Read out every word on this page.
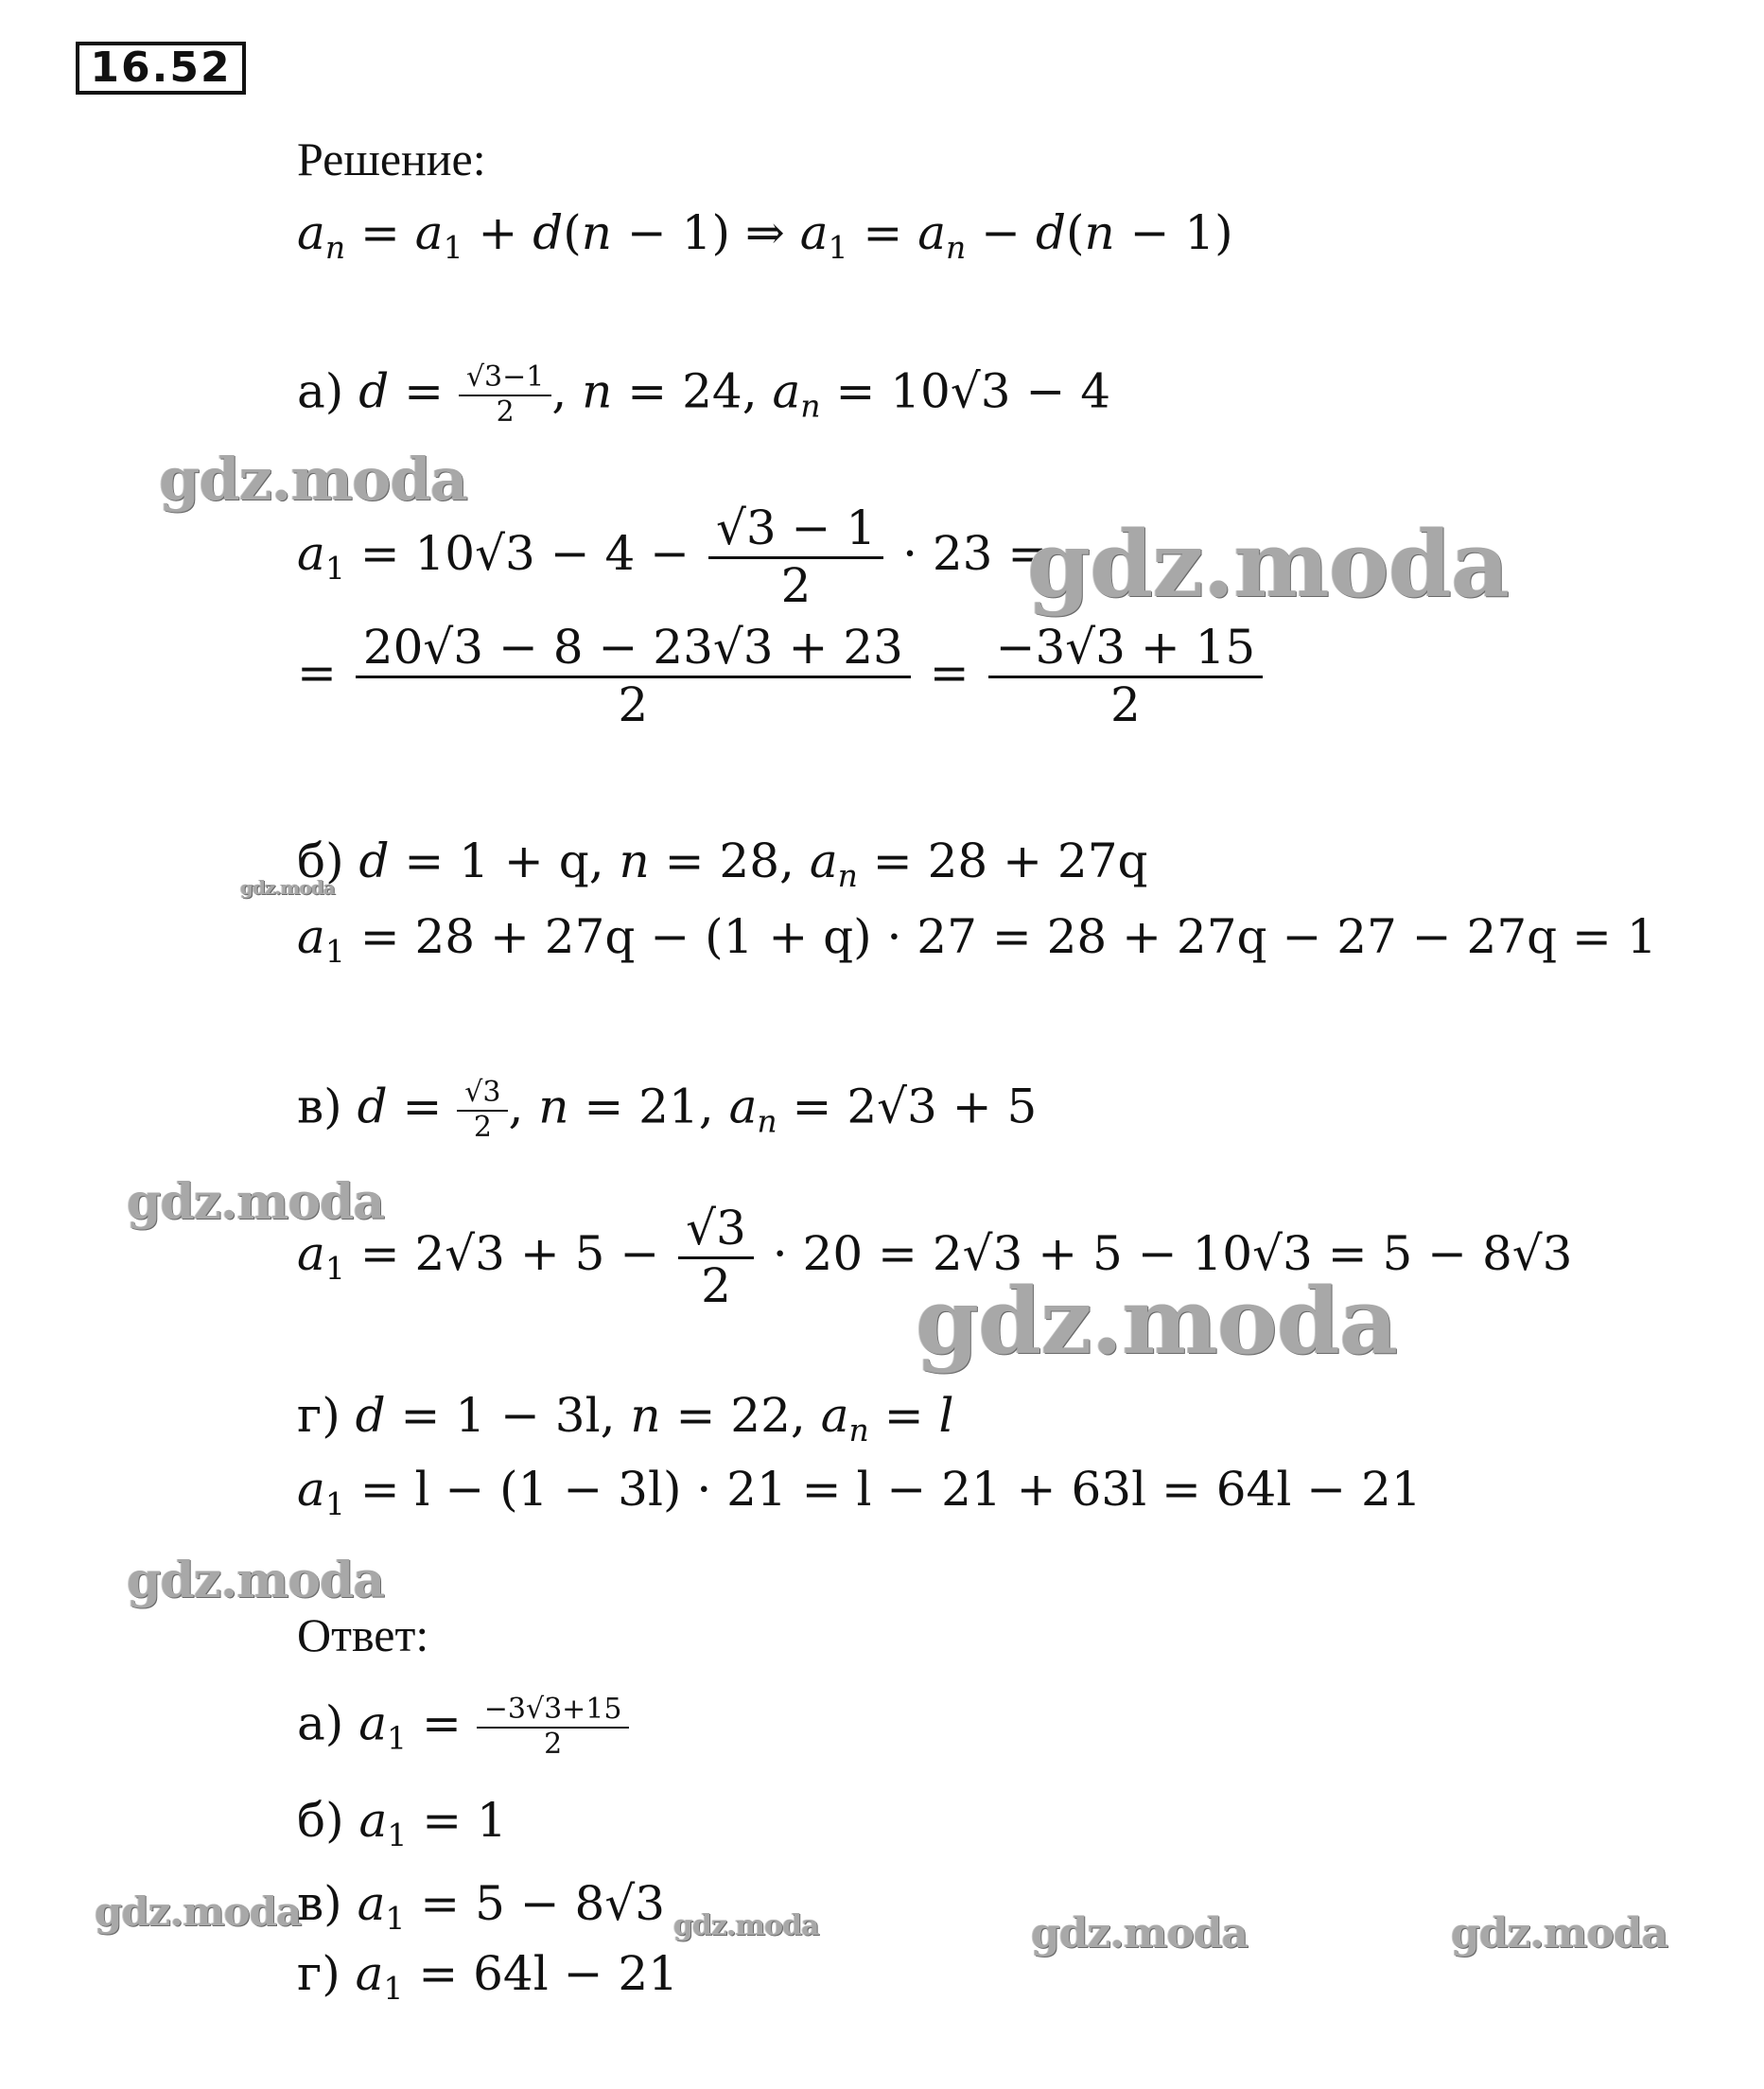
16.52
Решение:
$a_n = a_1 + d(n - 1)$ ⇒ $a_1 = a_n - d(n - 1)$
а) $d = \frac{√3-1}{2}$ , n = 24, $a_n = 10√3 - 4$
$a_1 = 10√3 - 4 - \frac{√3 - 1}{2} \cdot 23$ =
= $\frac{20√3 - 8 - 23√3 + 23}{2} = \frac{-3√3 + 15}{2}$
б) d = 1 + q, n = 28, $a_n = 28 + 27q$
$a_1 = 28 + 27q - (1 + q) \cdot 27 = 28 + 27q - 27 - 27q = 1$
в) $d = \frac{√3}{2}$ , n = 21, $a_n = 2√3 + 5$
$a_1 = 2√3 + 5 - \frac{√3}{2} \cdot 20 = 2√3 + 5 - 10√3 = 5 - 8√3$
г) d = 1 − 3l, n = 22, $a_n = l$
$a_1 = l - (1 - 3l) \cdot 21 = l - 21 + 63l = 64l - 21$
Ответ:
а) $a_1 = \frac{-3√3+15}{2}$
б) $a_1 = 1$
в) $a_1 = 5 - 8√3$
г) $a_1 = 64l - 21$
gdz.moda
gdz.moda
gdz.moda
gdz.moda
gdz.moda
gdz.moda
gdz.moda	gdz.moda	gdz.moda	gdz.moda
